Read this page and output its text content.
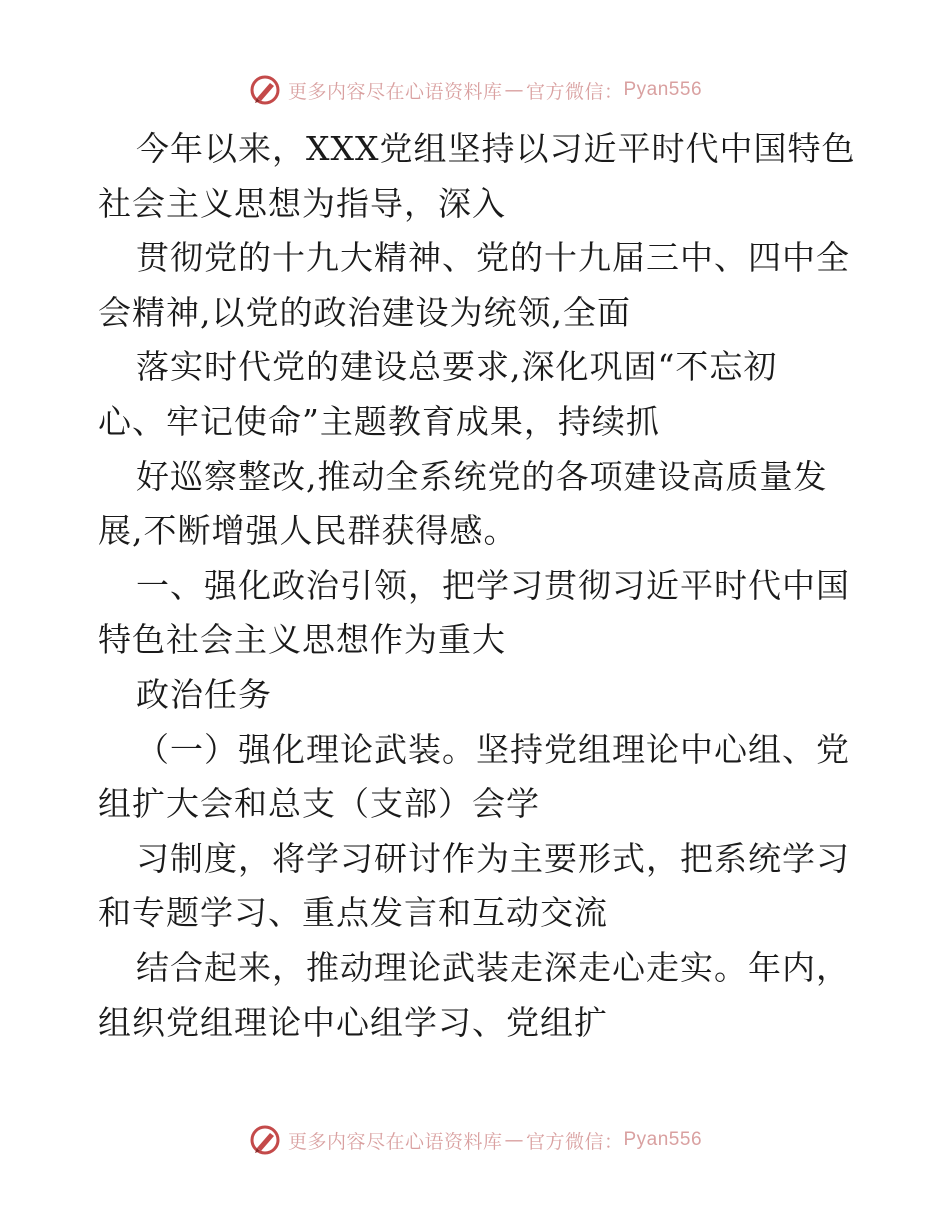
更多内容尽在心语资料库 — 官方微信： Pyan556
今年以来，XXX党组坚持以习近平时代中国特色
社会主义思想为指导，深入
贯彻党的十九大精神、党的十九届三中、四中全
会精神,以党的政治建设为统领,全面
落实时代党的建设总要求,深化巩固“不忘初
心、牢记使命”主题教育成果，持续抓
好巡察整改,推动全系统党的各项建设高质量发
展,不断增强人民群获得感。
一、强化政治引领，把学习贯彻习近平时代中国
特色社会主义思想作为重大
政治任务
（一）强化理论武装。坚持党组理论中心组、党
组扩大会和总支（支部）会学
习制度，将学习研讨作为主要形式，把系统学习
和专题学习、重点发言和互动交流
结合起来，推动理论武装走深走心走实。年内，
组织党组理论中心组学习、党组扩
更多内容尽在心语资料库 — 官方微信： Pyan556
